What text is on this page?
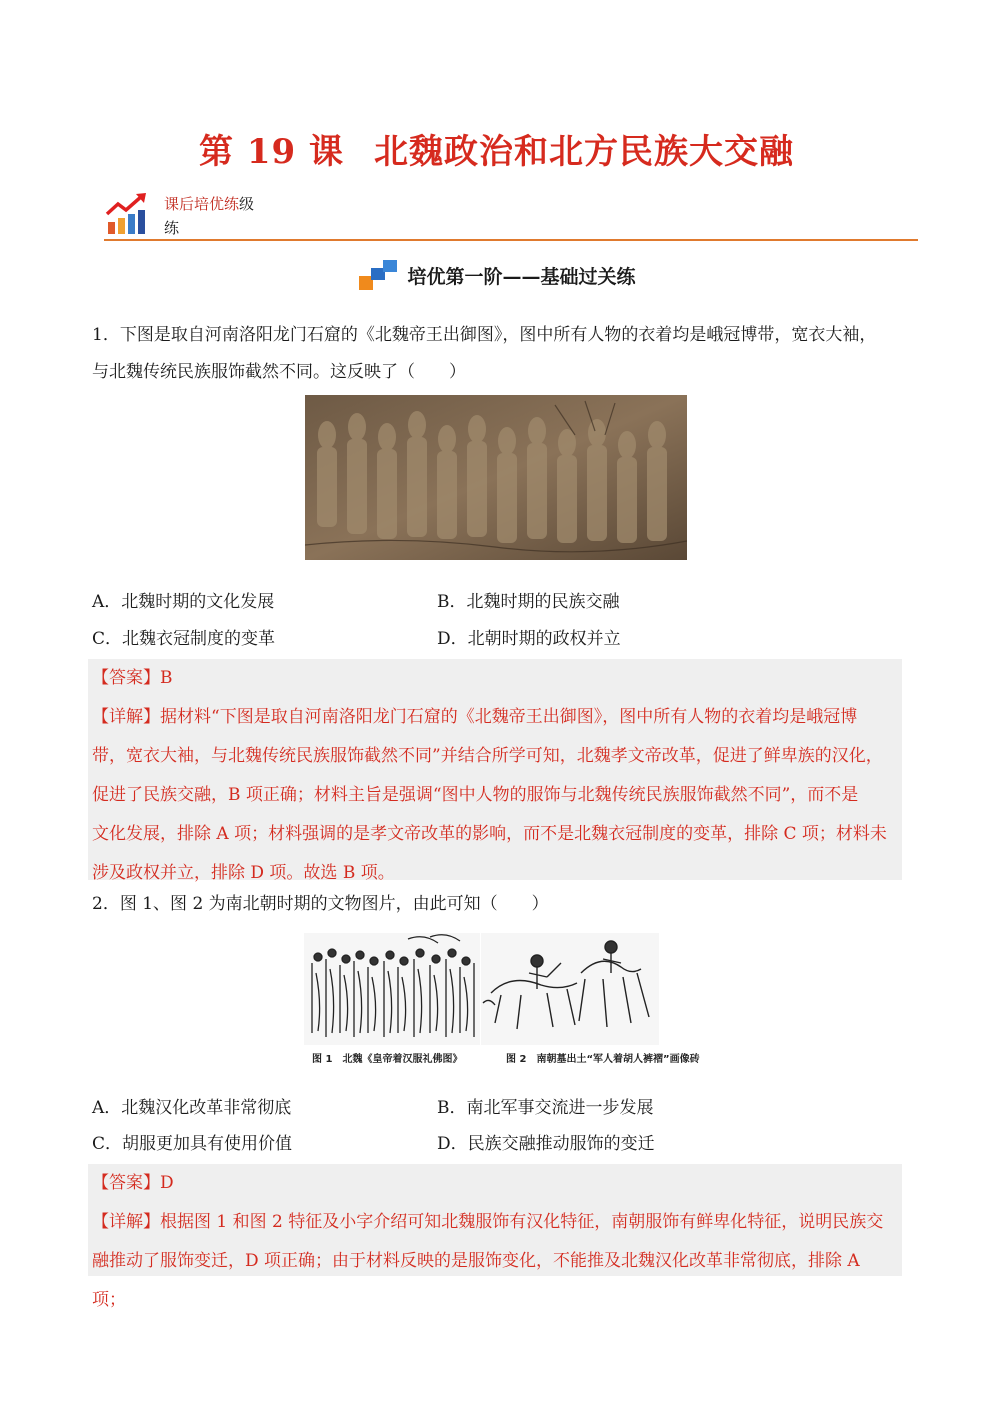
第 19 课 北魏政治和北方民族大交融
课后培优练级
练
培优第一阶——基础过关练
1．下图是取自河南洛阳龙门石窟的《北魏帝王出御图》，图中所有人物的衣着均是峨冠博带，宽衣大袖，
与北魏传统民族服饰截然不同。这反映了（　　）
A．北魏时期的文化发展	B．北魏时期的民族交融
C．北魏衣冠制度的变革	D．北朝时期的政权并立
【答案】B
【详解】据材料“下图是取自河南洛阳龙门石窟的《北魏帝王出御图》，图中所有人物的衣着均是峨冠博
带，宽衣大袖，与北魏传统民族服饰截然不同”并结合所学可知，北魏孝文帝改革，促进了鲜卑族的汉化，
促进了民族交融，B 项正确；材料主旨是强调“图中人物的服饰与北魏传统民族服饰截然不同”，而不是
文化发展，排除 A 项；材料强调的是孝文帝改革的影响，而不是北魏衣冠制度的变革，排除 C 项；材料未
涉及政权并立，排除 D 项。故选 B 项。
2．图 1、图 2 为南北朝时期的文物图片，由此可知（　　）
图 1　北魏《皇帝着汉服礼佛图》	图 2　南朝墓出土“军人着胡人裤褶”画像砖
A．北魏汉化改革非常彻底	B．南北军事交流进一步发展
C．胡服更加具有使用价值	D．民族交融推动服饰的变迁
【答案】D
【详解】根据图 1 和图 2 特征及小字介绍可知北魏服饰有汉化特征，南朝服饰有鲜卑化特征，说明民族交
融推动了服饰变迁，D 项正确；由于材料反映的是服饰变化，不能推及北魏汉化改革非常彻底，排除 A 项；
